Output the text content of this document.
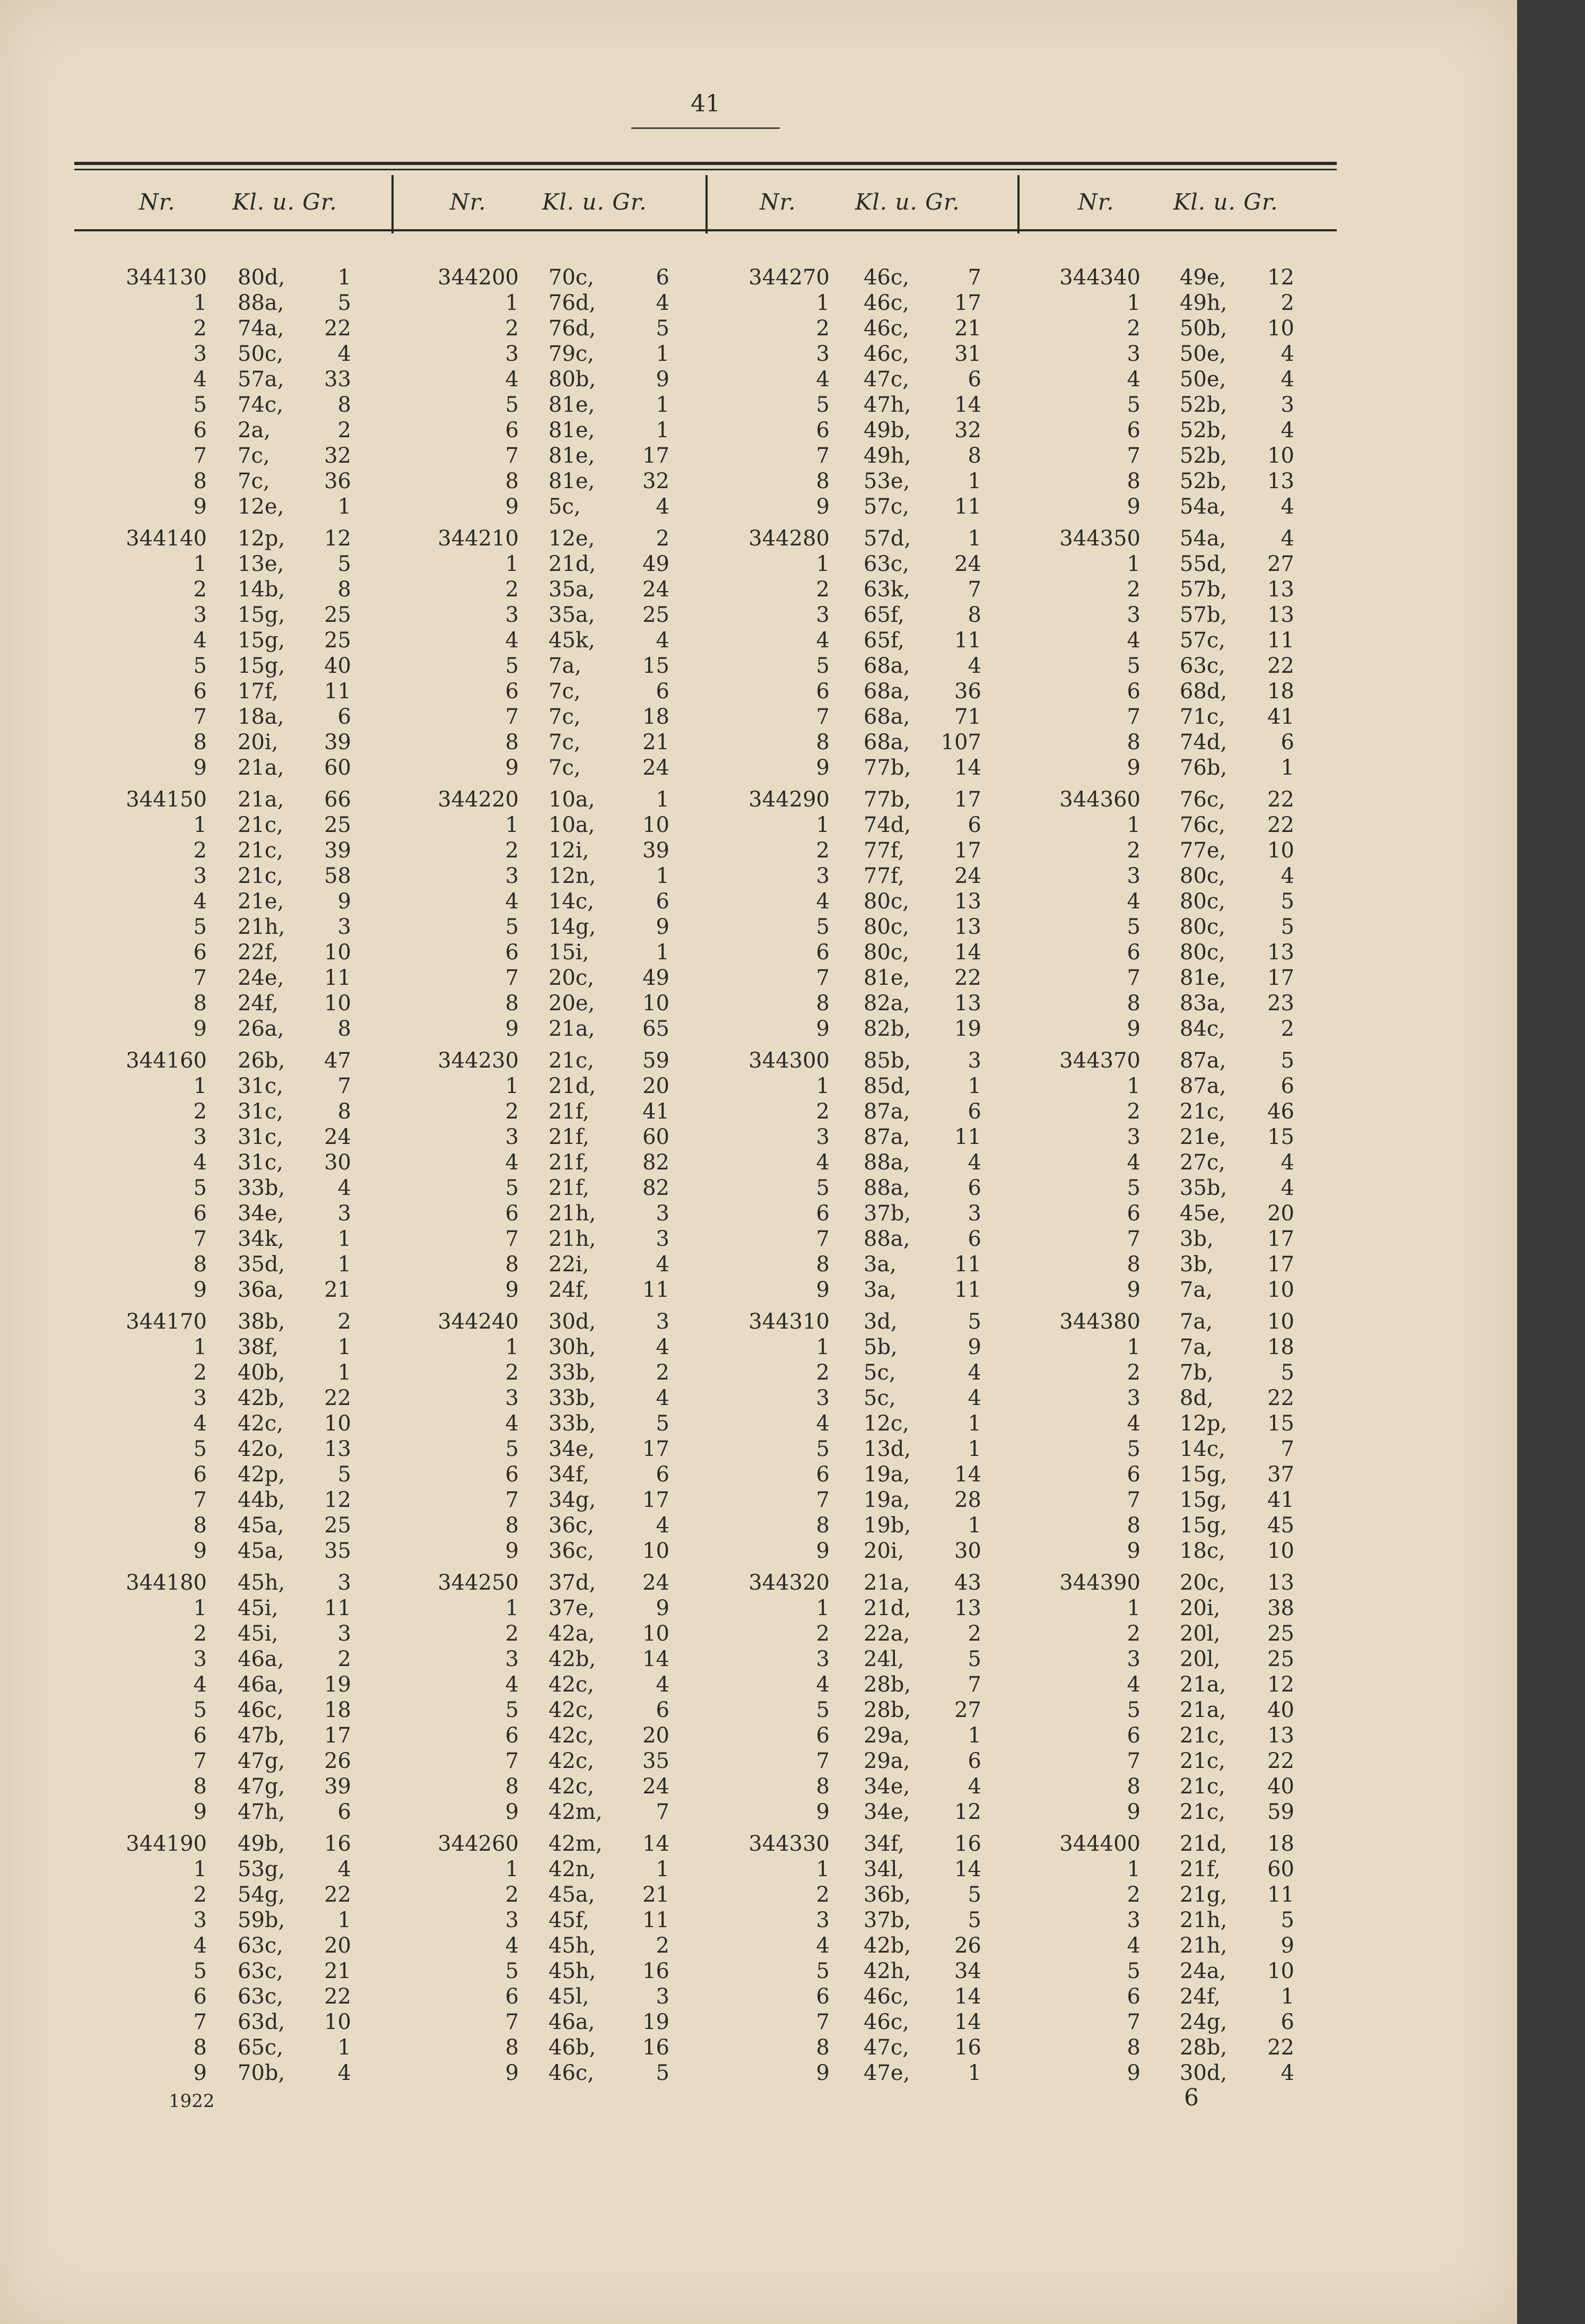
41
Nr.	Kl. u. Gr.	Nr.	Kl. u. Gr.	Nr.	Kl. u. Gr.	Nr.	Kl. u. Gr.
344130 80d, 1
1 88a,	5
2 74a, 22
3 50c,	4
4 57a, 33
5 74c,	8
6 2a,	2
7 7c,	32
8 7c,	36
9 12e,	1
344140 12p, 12
1 13e,	5
2 14b, 8
3 15g, 25
4 15g, 25
5 15g, 40
6 17f, 11
7 18a,	6
8 20i, 39
9 21a, 60
344150 21a, 66
1 21c, 25
2 21c, 39
3 21c, 58
4 21e,	9
5 21h, 3
6 22f, 10
7 24e, 11
8 24f, 10
9 26a,	8
344160 26b, 47
1 31c,	7
2 31c,	8
3 31c, 24
4 31c, 30
5 33b, 4
6 34e,	3
7 34k,	1
8 35d, 1
9 36a, 21
344170 38b, 2
1 38f,	1
2 40b, 1
3 42b, 22
4 42c, 10
5 42o, 13
6 42p, 5
7 44b, 12
8 45a, 25
9 45a, 35
344180 45h, 3
1 45i, 11
2 45i,	3
3 46a,	2
4 46a, 19
5 46c, 18
6 47b, 17
7 47g, 26
8 47g, 39
9 47h, 6
344190 49b, 16
1 53g, 4
2 54g, 22
3 59b, 1
4 63c, 20
5 63c, 21
6 63c, 22
7 63d, 10
8 65c,	1
9 70b, 4
344200 70c,	6
1 76d,	4
2 76d,	5
3 79c,	1
4 80b,	9
5 81e,	1
6 81e,	1
7 81e, 17
8 81e, 32
9 5c,	4
344210 12e,	2
1 21d, 49
2 35a, 24
3 35a, 25
4 45k,	4
5 7a,	15
6 7c,	6
7 7c,	18
8 7c,	21
9 7c,	24
344220 10a,	1
1 10a, 10
2 12i,	39
3 12n,	1
4 14c,	6
5 14g,	9
6 15i,	1
7 20c, 49
8 20e, 10
9 21a, 65
344230 21c, 59
1 21d, 20
2 21f,	41
3 21f,	60
4 21f,	82
5 21f,	82
6 21h,	3
7 21h,	3
8 22i,	4
9 24f,	11
344240 30d,	3
1 30h,	4
2 33b,	2
3 33b,	4
4 33b,	5
5 34e, 17
6 34f,	6
7 34g, 17
8 36c,	4
9 36c, 10
344250 37d, 24
1 37e,	9
2 42a, 10
3 42b, 14
4 42c,	4
5 42c,	6
6 42c, 20
7 42c, 35
8 42c, 24
9 42m,	7
344260 42m, 14
1 42n,	1
2 45a, 21
3 45f,	11
4 45h,	2
5 45h, 16
6 45l,	3
7 46a, 19
8 46b, 16
9 46c,	5
344270 46c,	7
1 46c, 17
2 46c, 21
3 46c, 31
4 47c,	6
5 47h, 14
6 49b, 32
7 49h,	8
8 53e,	1
9 57c, 11
344280 57d,	1
1 63c, 24
2 63k,	7
3 65f,	8
4 65f, 11
5 68a,	4
6 68a, 36
7 68a, 71
8 68a, 107
9 77b, 14
344290 77b, 17
1 74d,	6
2 77f, 17
3 77f, 24
4 80c, 13
5 80c, 13
6 80c, 14
7 81e, 22
8 82a, 13
9 82b, 19
344300 85b,	3
1 85d,	1
2 87a,	6
3 87a, 11
4 88a,	4
5 88a,	6
6 37b,	3
7 88a,	6
8 3a,	11
9 3a,	11
344310 3d,	5
1 5b,	9
2 5c,	4
3 5c,	4
4 12c,	1
5 13d,	1
6 19a, 14
7 19a, 28
8 19b,	1
9 20i, 30
344320 21a, 43
1 21d, 13
2 22a,	2
3 24l,	5
4 28b,	7
5 28b, 27
6 29a,	1
7 29a,	6
8 34e,	4
9 34e, 12
344330 34f, 16
1 34l, 14
2 36b,	5
3 37b,	5
4 42b, 26
5 42h, 34
6 46c, 14
7 46c, 14
8 47c, 16
9 47e,	1
344340 49e, 12
1 49h,	2
2 50b, 10
3 50e,	4
4 50e,	4
5 52b,	3
6 52b,	4
7 52b, 10
8 52b, 13
9 54a,	4
344350 54a,	4
1 55d, 27
2 57b, 13
3 57b, 13
4 57c, 11
5 63c, 22
6 68d, 18
7 71c, 41
8 74d,	6
9 76b,	1
344360 76c, 22
1 76c, 22
2 77e, 10
3 80c,	4
4 80c,	5
5 80c,	5
6 80c, 13
7 81e, 17
8 83a, 23
9 84c,	2
344370 87a,	5
1 87a,	6
2 21c, 46
3 21e, 15
4 27c,	4
5 35b,	4
6 45e, 20
7 3b,	17
8 3b,	17
9 7a,	10
344380 7a,	10
1 7a,	18
2 7b,	5
3 8d,	22
4 12p, 15
5 14c,	7
6 15g, 37
7 15g, 41
8 15g, 45
9 18c, 10
344390 20c, 13
1 20i, 38
2 20l, 25
3 20l, 25
4 21a, 12
5 21a, 40
6 21c, 13
7 21c, 22
8 21c, 40
9 21c, 59
344400 21d, 18
1 21f, 60
2 21g, 11
3 21h,	5
4 21h,	9
5 24a, 10
6 24f,	1
7 24g,	6
8 28b, 22
9 30d,	4
1922	6
